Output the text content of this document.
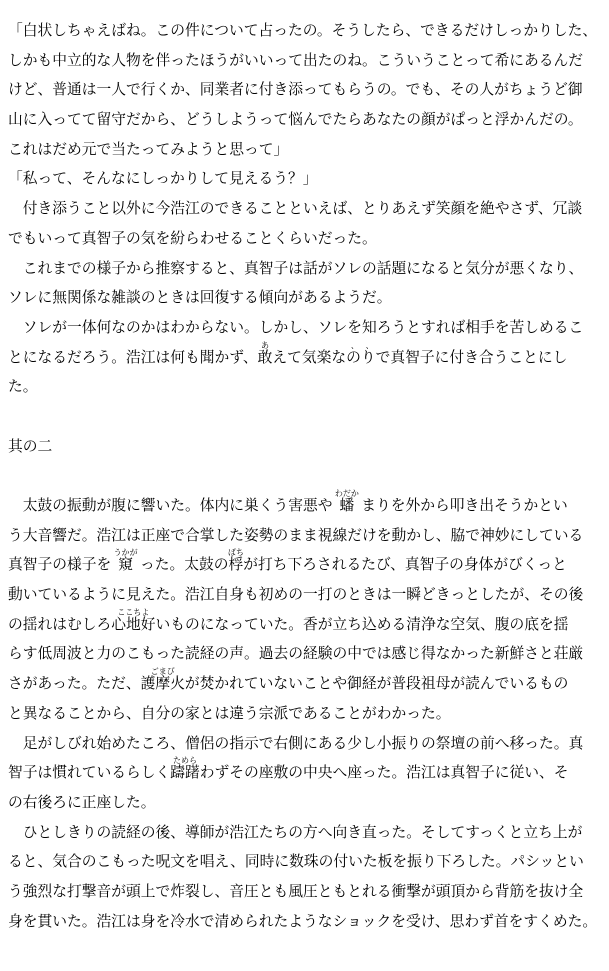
「白状しちゃえばね。この件について占ったの。そうしたら、できるだけしっかりした、
しかも中立的な人物を伴ったほうがいいって出たのね。こういうことって希にあるんだ
けど、普通は一人で行くか、同業者に付き添ってもらうの。でも、その人がちょうど御
山に入ってて留守だから、どうしようって悩んでたらあなたの顔がぱっと浮かんだの。
これはだめ元で当たってみようと思って」
「私って、そんなにしっかりして見えるう？」
　付き添うこと以外に今浩江のできることといえば、とりあえず笑顔を絶やさず、冗談
でもいって真智子の気を紛らわせることくらいだった。
　これまでの様子から推察すると、真智子は話がソレの話題になると気分が悪くなり、
ソレに無関係な雑談のときは回復する傾向があるようだ。
　ソレが一体何なのかはわからない。しかし、ソレを知ろうとすれば相手を苦しめるこ
とになるだろう。浩江は何も聞かず、
あ
敢えて気楽なの
、
り
、
で真智子に付き合うことにし
た。
其の二
　太鼓の振動が腹に響いた。体内に巣くう害悪や
わだか
蟠 まりを外から叩き出そうかとい
う大音響だ。浩江は正座で合掌した姿勢のまま視線だけを動かし、脇で神妙にしている
真智子の様子を
うかが
窺 った。太鼓の
ばち
桴が打ち下ろされるたび、真智子の身体がびくっと
動いているように見えた。浩江自身も初めの一打のときは一瞬どきっとしたが、その後
の揺れはむしろ
ここちよ
心地好いものになっていた。香が立ち込める清浄な空気、腹の底を揺
らす低周波と力のこもった読経の声。過去の経験の中では感じ得なかった新鮮さと荘厳
さがあった。ただ、
ごまび
護摩火が焚かれていないことや御経が普段祖母が読んでいるもの
と異なることから、自分の家とは違う宗派であることがわかった。
　足がしびれ始めたころ、僧侶の指示で右側にある少し小振りの祭壇の前へ移った。真
智子は慣れているらしく
ためら
躊躇わずその座敷の中央へ座った。浩江は真智子に従い、そ
の右後ろに正座した。
　ひとしきりの読経の後、導師が浩江たちの方へ向き直った。そしてすっくと立ち上が
ると、気合のこもった呪文を唱え、同時に数珠の付いた板を振り下ろした。パシッとい
う強烈な打撃音が頭上で炸裂し、音圧とも風圧ともとれる衝撃が頭頂から背筋を抜け全
身を貫いた。浩江は身を冷水で清められたようなショックを受け、思わず首をすくめた。
